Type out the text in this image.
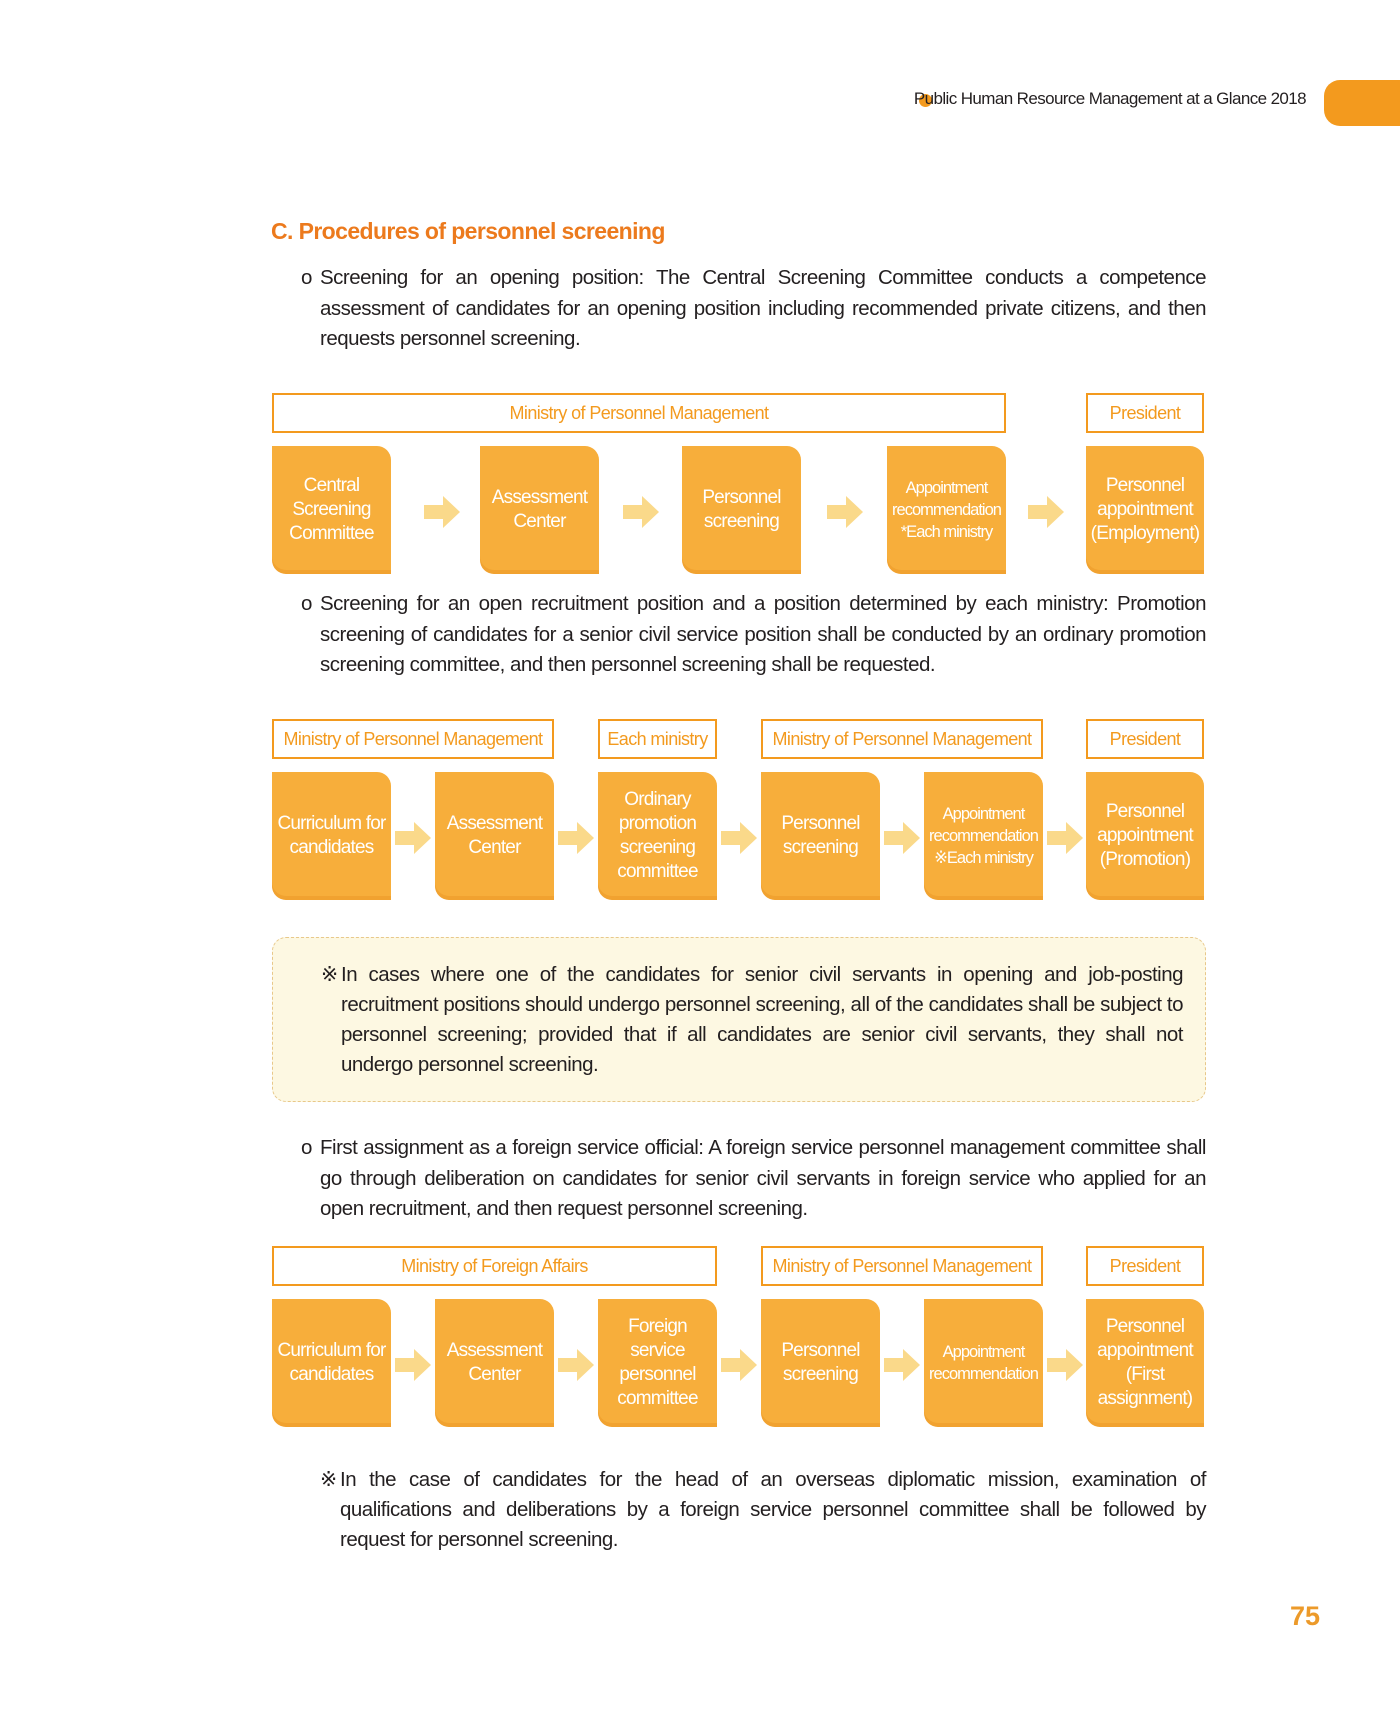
Public Human Resource Management at a Glance 2018
C. Procedures of personnel screening
o Screening for an opening position: The Central Screening Committee conducts a competence assessment of candidates for an opening position including recommended private citizens, and then requests personnel screening.
Ministry of Personnel Management	President
Central
Screening
Committee
Assessment
Center
Personnel
screening
Appointment
recommendation
*Each ministry
Personnel
appointment
(Employment)
o Screening for an open recruitment position and a position determined by each ministry: Promotion screening of candidates for a senior civil service position shall be conducted by an ordinary promotion screening committee, and then personnel screening shall be requested.
Ministry of Personnel Management	Each ministry	Ministry of Personnel Management	President
Curriculum for
candidates
Assessment
Center
Ordinary
promotion
screening
committee
Personnel
screening
Appointment
recommendation
※Each ministry
Personnel
appointment
(Promotion)
※ In cases where one of the candidates for senior civil servants in opening and job-posting recruitment positions should undergo personnel screening, all of the candidates shall be subject to personnel screening; provided that if all candidates are senior civil servants, they shall not undergo personnel screening.
o First assignment as a foreign service official: A foreign service personnel management committee shall go through deliberation on candidates for senior civil servants in foreign service who applied for an open recruitment, and then request personnel screening.
Ministry of Foreign Affairs	Ministry of Personnel Management	President
Curriculum for
candidates
Assessment
Center
Foreign service
personnel
committee
Personnel
screening
Appointment
recommendation
Personnel
appointment
(First
assignment)
※ In the case of candidates for the head of an overseas diplomatic mission, examination of qualifications and deliberations by a foreign service personnel committee shall be followed by request for personnel screening.
75
